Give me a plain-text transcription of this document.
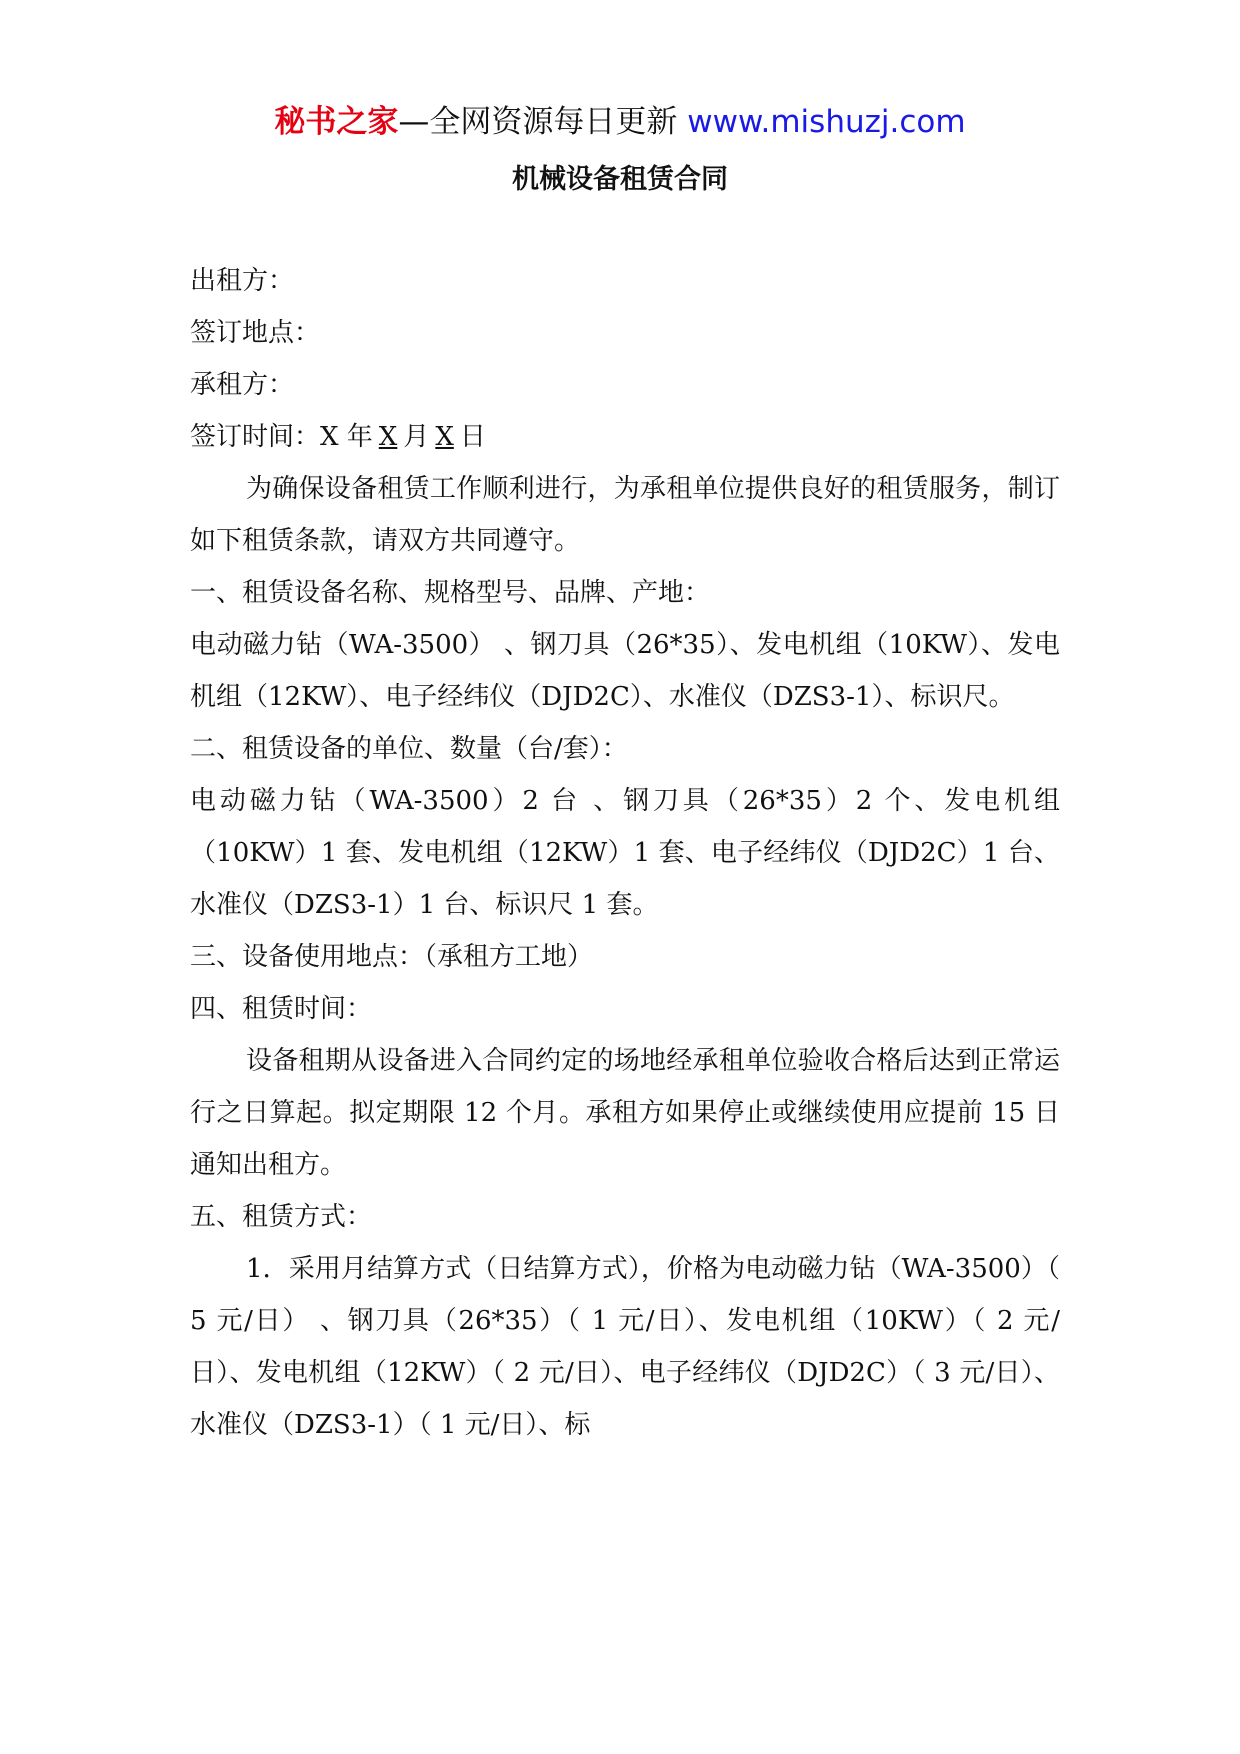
秘书之家—全网资源每日更新 www.mishuzj.com
机械设备租赁合同

出租方：

签订地点：

承租方：

签订时间：X 年 X 月 X 日

为确保设备租赁工作顺利进行，为承租单位提供良好的租赁服务，制订如下租赁条款，请双方共同遵守。

一、租赁设备名称、规格型号、品牌、产地：

电动磁力钻（WA-3500） 、钢刀具（26*35）、发电机组（10KW）、发电机组（12KW）、电子经纬仪（DJD2C）、水准仪（DZS3-1）、标识尺。

二、租赁设备的单位、数量（台/套）：

电动磁力钻（WA-3500）2 台 、钢刀具（26*35）2 个、发电机组（10KW）1 套、发电机组（12KW）1 套、电子经纬仪（DJD2C）1 台、水准仪（DZS3-1）1 台、标识尺 1 套。

三、设备使用地点：（承租方工地）

四、租赁时间：

设备租期从设备进入合同约定的场地经承租单位验收合格后达到正常运行之日算起。拟定期限 12 个月。承租方如果停止或继续使用应提前 15 日通知出租方。

五、租赁方式：

1．采用月结算方式（日结算方式），价格为电动磁力钻（WA-3500）（ 5 元/日） 、钢刀具（26*35）（ 1 元/日）、发电机组（10KW）（ 2 元/日）、发电机组（12KW）（ 2 元/日）、电子经纬仪（DJD2C）（ 3 元/日）、水准仪（DZS3-1）（ 1 元/日）、标
